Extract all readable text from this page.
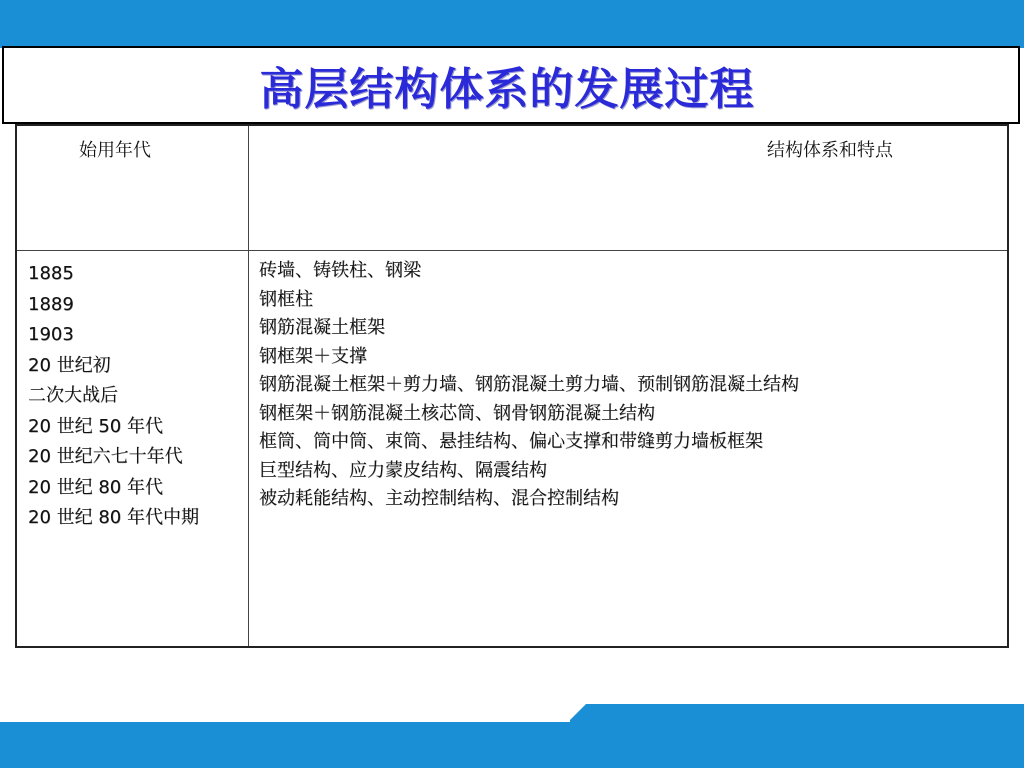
高层结构体系的发展过程
始用年代	结构体系和特点
1885
1889
1903
20 世纪初
二次大战后
20 世纪 50 年代
20 世纪六七十年代
20 世纪 80 年代
20 世纪 80 年代中期
砖墙、铸铁柱、钢梁
钢框柱
钢筋混凝土框架
钢框架＋支撑
钢筋混凝土框架＋剪力墙、钢筋混凝土剪力墙、预制钢筋混凝土结构
钢框架＋钢筋混凝土核芯筒、钢骨钢筋混凝土结构
框筒、筒中筒、束筒、悬挂结构、偏心支撑和带缝剪力墙板框架
巨型结构、应力蒙皮结构、隔震结构
被动耗能结构、主动控制结构、混合控制结构
